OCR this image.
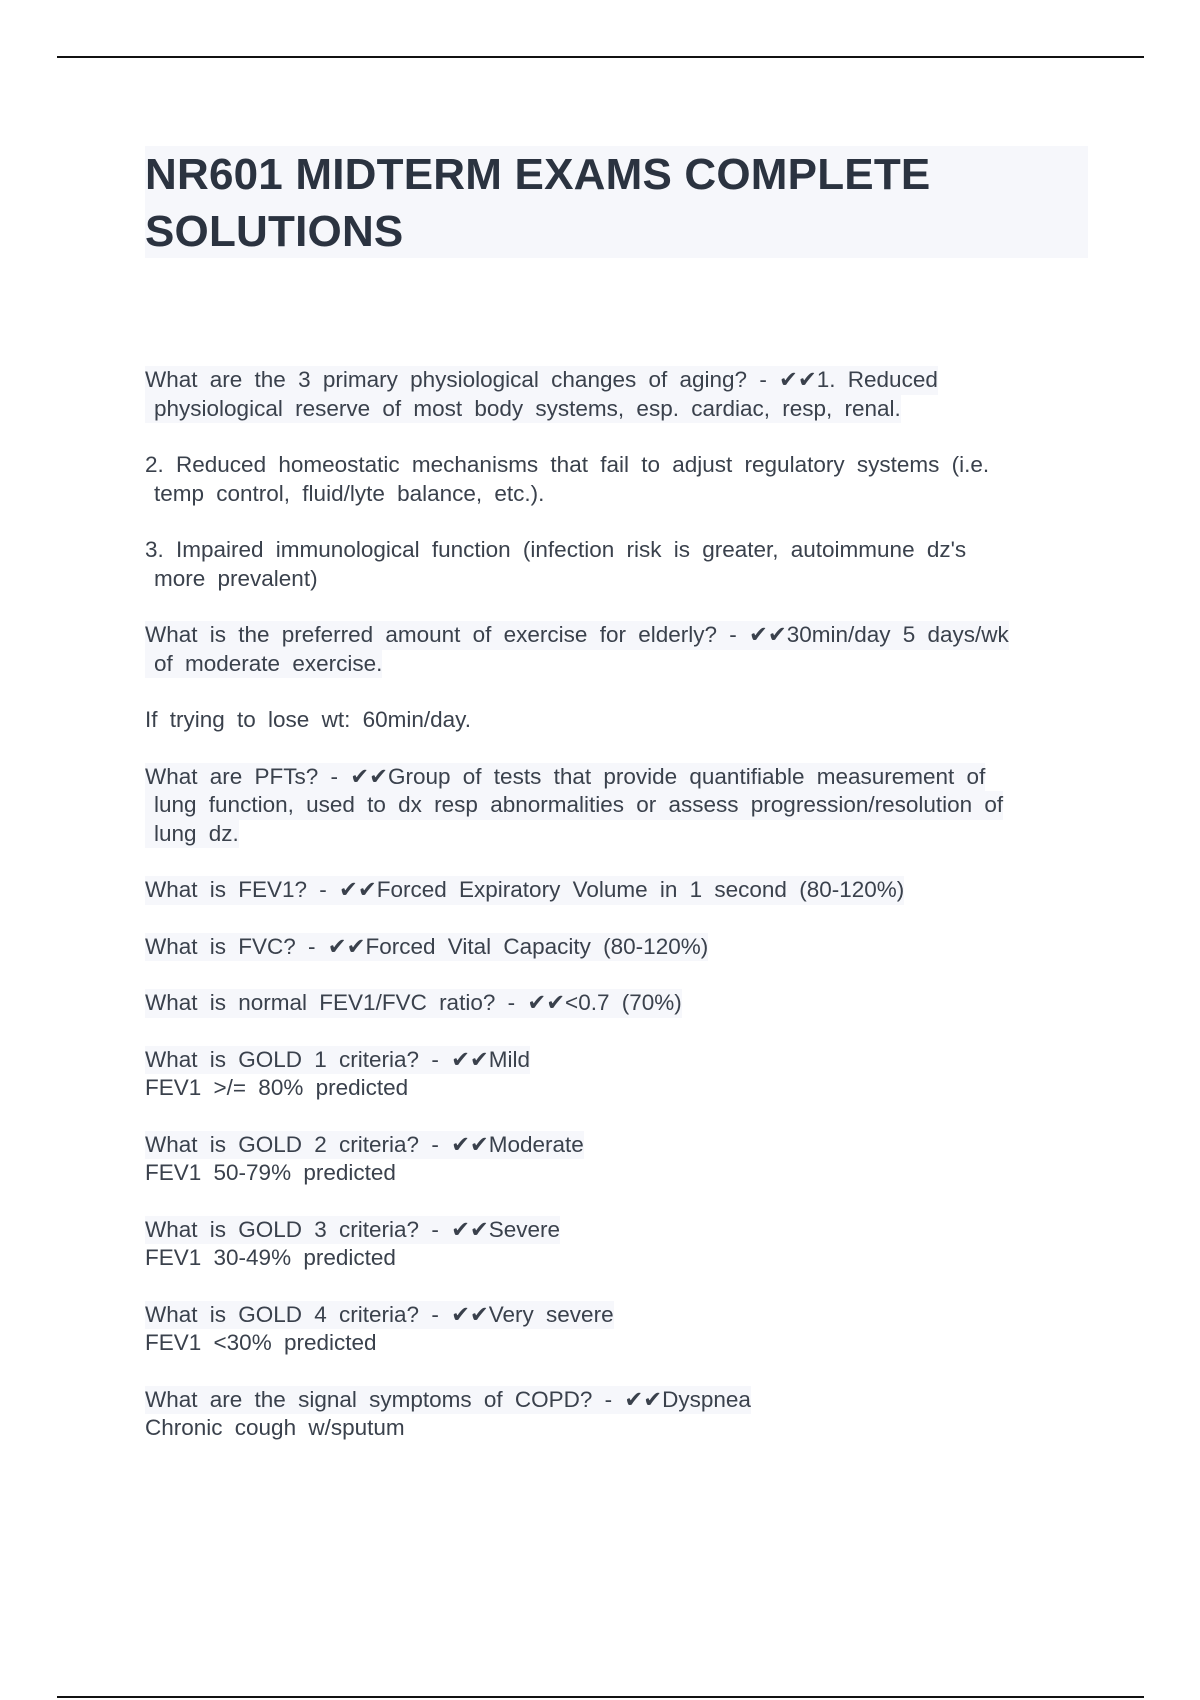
NR601 MIDTERM EXAMS COMPLETE
SOLUTIONS

What are the 3 primary physiological changes of aging? - ✔✔1. Reduced
physiological reserve of most body systems, esp. cardiac, resp, renal.

2. Reduced homeostatic mechanisms that fail to adjust regulatory systems (i.e.
temp control, fluid/lyte balance, etc.).

3. Impaired immunological function (infection risk is greater, autoimmune dz's
more prevalent)

What is the preferred amount of exercise for elderly? - ✔✔30min/day 5 days/wk
of moderate exercise.

If trying to lose wt: 60min/day.

What are PFTs? - ✔✔Group of tests that provide quantifiable measurement of
lung function, used to dx resp abnormalities or assess progression/resolution of
lung dz.

What is FEV1? - ✔✔Forced Expiratory Volume in 1 second (80-120%)

What is FVC? - ✔✔Forced Vital Capacity (80-120%)

What is normal FEV1/FVC ratio? - ✔✔<0.7 (70%)

What is GOLD 1 criteria? - ✔✔Mild
FEV1 >/= 80% predicted

What is GOLD 2 criteria? - ✔✔Moderate
FEV1 50-79% predicted

What is GOLD 3 criteria? - ✔✔Severe
FEV1 30-49% predicted

What is GOLD 4 criteria? - ✔✔Very severe
FEV1 <30% predicted

What are the signal symptoms of COPD? - ✔✔Dyspnea
Chronic cough w/sputum
